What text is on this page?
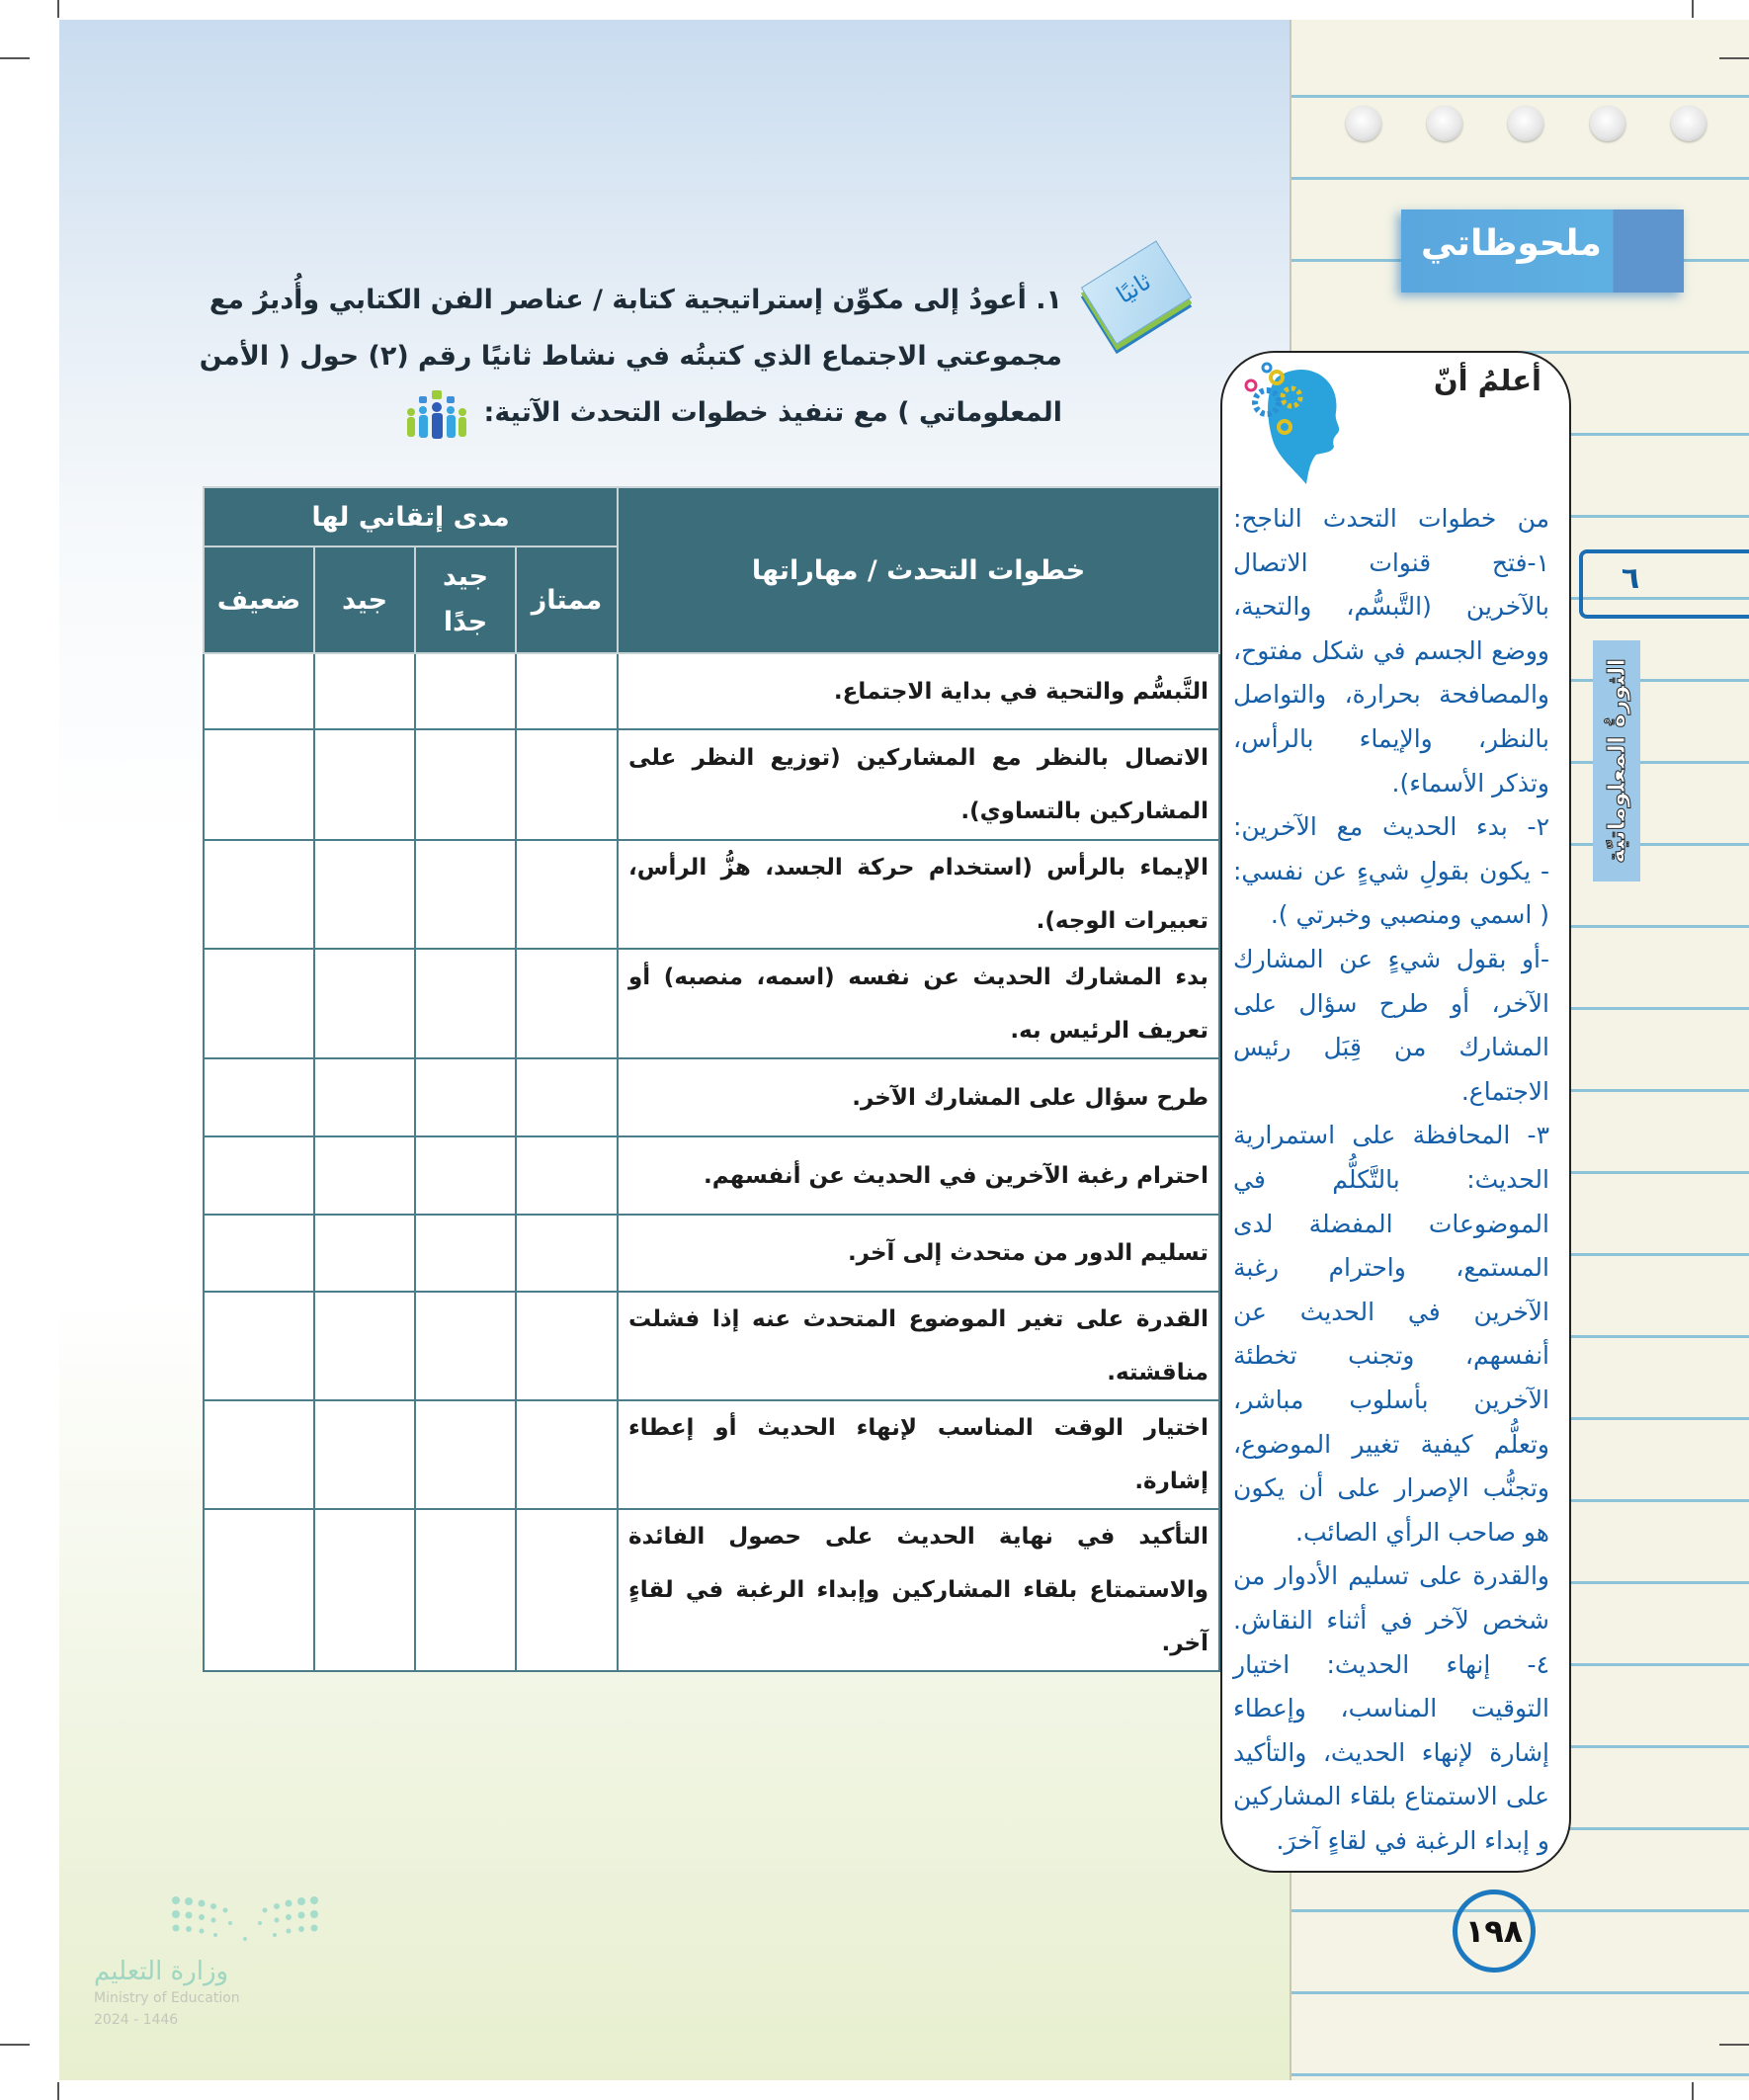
ملحوظاتي
ثانيًا
١. أعودُ إلى مكوِّن إستراتيجية كتابة / عناصر الفن الكتابي وأُديرُ مع
مجموعتي الاجتماع الذي كتبتُه في نشاط ثانيًا رقم (٢) حول ( الأمن
المعلوماتي ) مع تنفيذ خطوات التحدث الآتية:
خطوات التحدث / مهاراتها	مدى إتقاني لها			
	ممتاز	جيد جدًا	جيد	ضعيف
التَّبسُّم والتحية في بداية الاجتماع.				
الاتصال بالنظر مع المشاركين (توزيع النظر على المشاركين بالتساوي).				
الإيماء بالرأس (استخدام حركة الجسد، هزُّ الرأس، تعبيرات الوجه).				
بدء المشارك الحديث عن نفسه (اسمه، منصبه) أو تعريف الرئيس به.				
طرح سؤال على المشارك الآخر.				
احترام رغبة الآخرين في الحديث عن أنفسهم.				
تسليم الدور من متحدث إلى آخر.				
القدرة على تغير الموضوع المتحدث عنه إذا فشلت مناقشته.				
اختيار الوقت المناسب لإنهاء الحديث أو إعطاء إشارة.				
التأكيد في نهاية الحديث على حصول الفائدة والاستمتاع بلقاء المشاركين وإبداء الرغبة في لقاءٍ آخر.				
أعلمُ أنّ
من خطوات التحدث الناجح:
١-فتح قنوات الاتصال
بالآخرين (التَّبسُّم، والتحية،
ووضع الجسم في شكل مفتوح،
والمصافحة بحرارة، والتواصل
بالنظر، والإيماء بالرأس،
وتذكر الأسماء).
٢- بدء الحديث مع الآخرين:
- يكون بقولِ شيءٍ عن نفسي:
( اسمي ومنصبي وخبرتي ).
-أو بقول شيءٍ عن المشارك
الآخر، أو طرح سؤال على
المشارك من قِبَل رئيس
الاجتماع.
٣- المحافظة على استمرارية
الحديث: بالتَّكلُّم في
الموضوعات المفضلة لدى
المستمع، واحترام رغبة
الآخرين في الحديث عن
أنفسهم، وتجنب تخطئة
الآخرين بأسلوب مباشر،
وتعلُّم كيفية تغيير الموضوع،
وتجنُّب الإصرار على أن يكون
هو صاحب الرأي الصائب.
والقدرة على تسليم الأدوار من
شخص لآخر في أثناء النقاش.
٤- إنهاء الحديث: اختيار
التوقيت المناسب، وإعطاء
إشارة لإنهاء الحديث، والتأكيد
على الاستمتاع بلقاء المشاركين
و إبداء الرغبة في لقاءٍ آخرَ.
٦
الثورةُ المعلوماتيّة
١٩٨
وزارة التعليم
Ministry of Education
2024 - 1446
